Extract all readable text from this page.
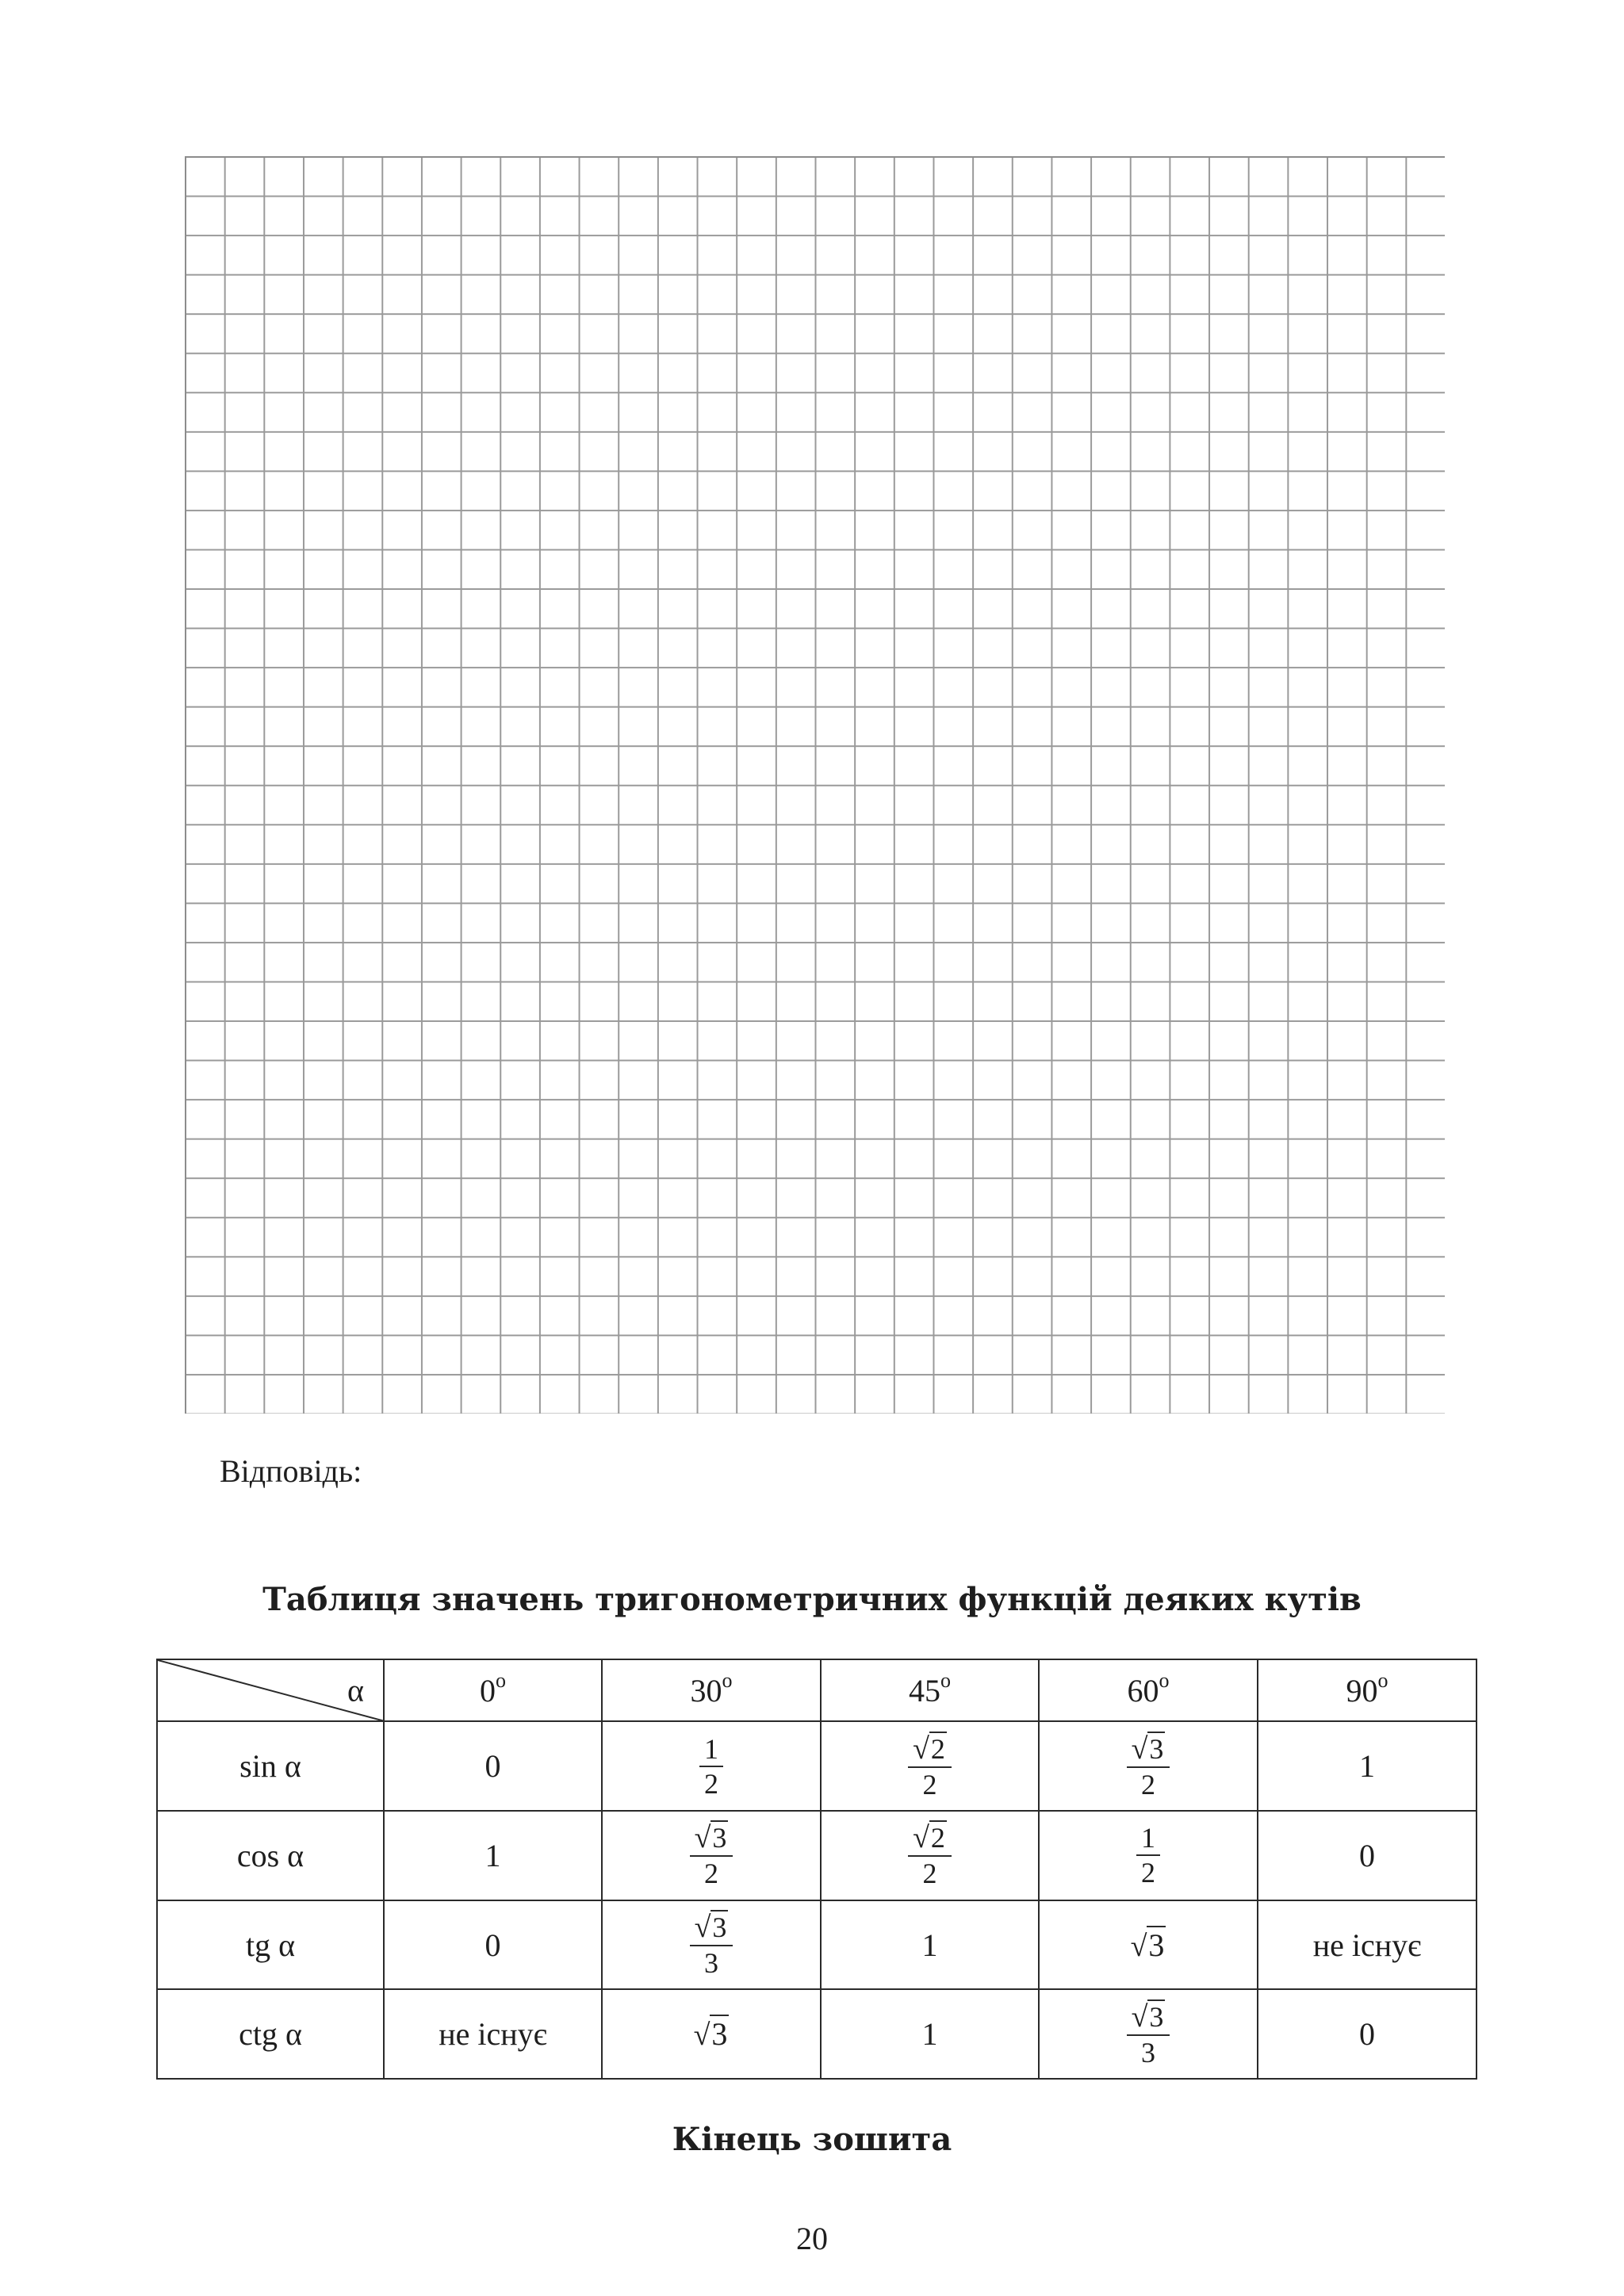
Відповідь:
Таблиця значень тригонометричних функцій деяких кутів
α	0$^o$	30$^o$	45$^o$	60$^o$	90$^o$
sin α	0	$\frac{1}{2}$	$\frac{√2}{2}$	$\frac{√3}{2}$	1
cos α	1	$\frac{√3}{2}$	$\frac{√2}{2}$	$\frac{1}{2}$	0
tg α	0	$\frac{√3}{3}$	1	√3	не існує
ctg α	не існує	√3	1	$\frac{√3}{3}$	0
Кінець зошита
20
